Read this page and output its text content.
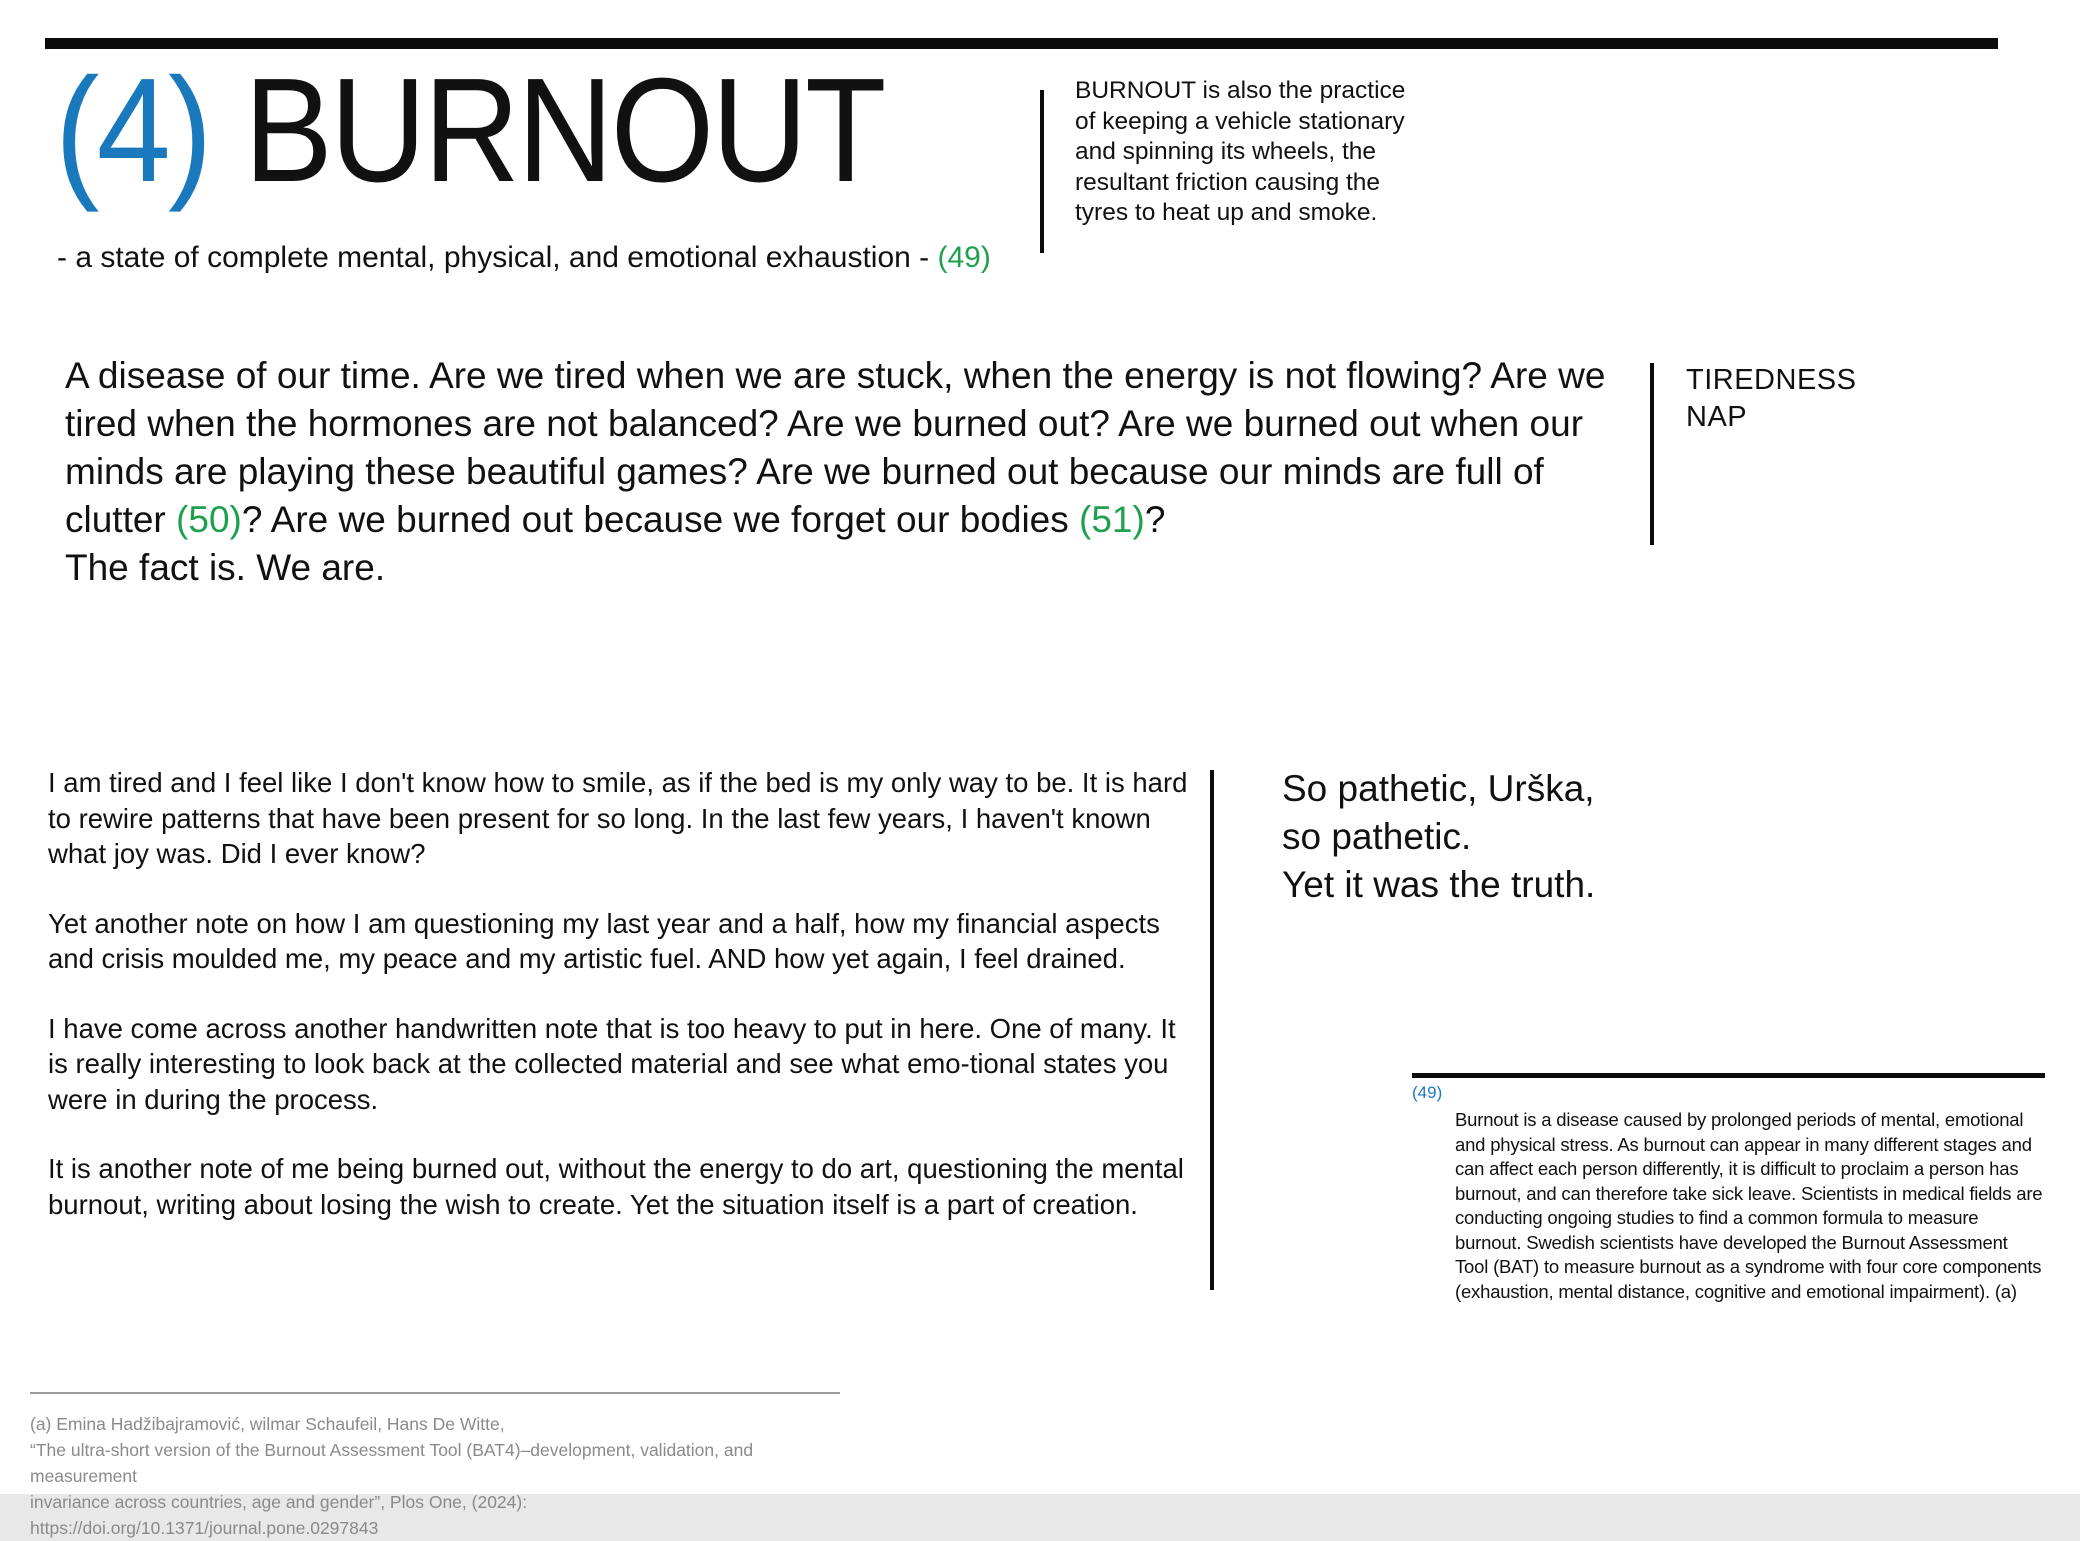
(4) BURNOUT
- a state of complete mental, physical, and emotional exhaustion - (49)
BURNOUT is also the practice of keeping a vehicle stationary and spinning its wheels, the resultant friction causing the tyres to heat up and smoke.
A disease of our time. Are we tired when we are stuck, when the energy is not flowing? Are we tired when the hormones are not balanced? Are we burned out? Are we burned out when our minds are playing these beautiful games? Are we burned out because our minds are full of clutter (50)? Are we burned out because we forget our bodies (51)?
The fact is. We are.
TIREDNESS
NAP

I am tired and I feel like I don't know how to smile, as if the bed is my only way to be. It is hard to rewire patterns that have been present for so long. In the last few years, I haven't known what joy was. Did I ever know?

Yet another note on how I am questioning my last year and a half, how my financial aspects and crisis moulded me, my peace and my artistic fuel. AND how yet again, I feel drained.

I have come across another handwritten note that is too heavy to put in here. One of many. It is really interesting to look back at the collected material and see what emo-tional states you were in during the process.

It is another note of me being burned out, without the energy to do art, questioning the mental burnout, writing about losing the wish to create. Yet the situation itself is a part of creation.

So pathetic, Urška,
so pathetic.
Yet it was the truth.
(49)
Burnout is a disease caused by prolonged periods of mental, emotional and physical stress. As burnout can appear in many different stages and can affect each person differently, it is difficult to proclaim a person has burnout, and can therefore take sick leave. Scientists in medical fields are conducting ongoing studies to find a common formula to measure burnout. Swedish scientists have developed the Burnout Assessment Tool (BAT) to measure burnout as a syndrome with four core components (exhaustion, mental distance, cognitive and emotional impairment). (a)
(a) Emina Hadžibajramović, wilmar Schaufeil, Hans De Witte,
“The ultra-short version of the Burnout Assessment Tool (BAT4)–development, validation, and measurement
invariance across countries, age and gender”, Plos One, (2024): https://doi.org/10.1371/journal.pone.0297843
